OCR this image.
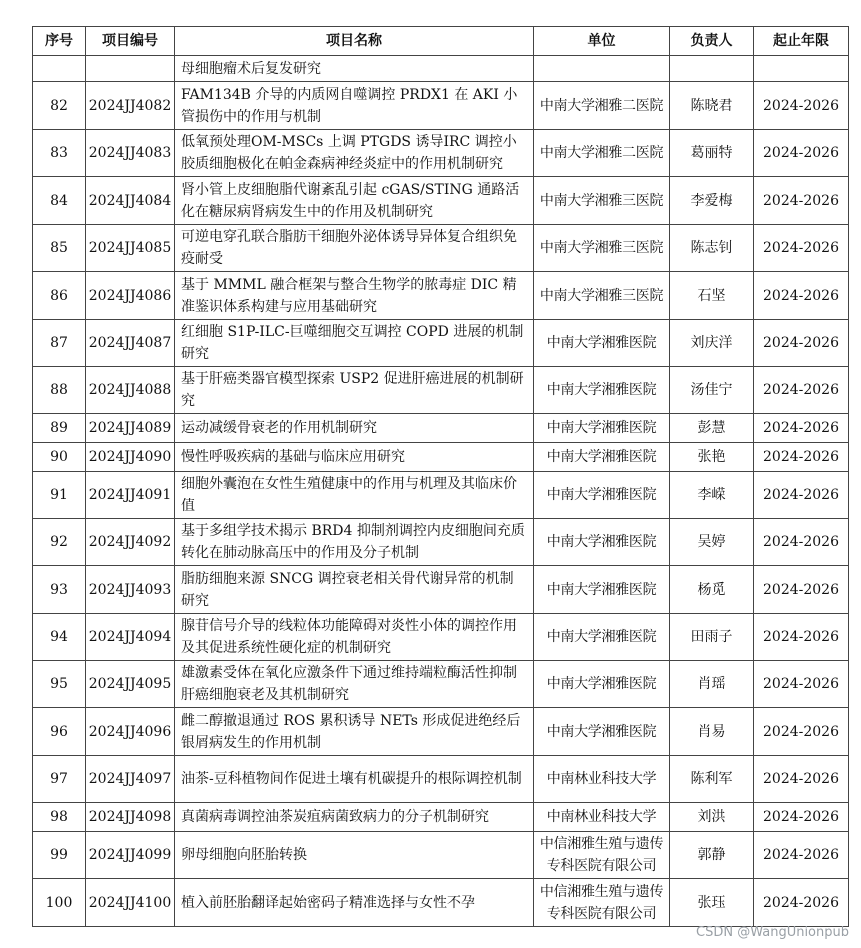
序号	项目编号	项目名称	单位	负责人	起止年限
		母细胞瘤术后复发研究			
82	2024JJ4082	FAM134B 介导的内质网自噬调控 PRDX1 在 AKI 小管损伤中的作用与机制	中南大学湘雅二医院	陈晓君	2024-2026
83	2024JJ4083	低氧预处理OM-MSCs 上调 PTGDS 诱导IRC 调控小胶质细胞极化在帕金森病神经炎症中的作用机制研究	中南大学湘雅二医院	葛丽特	2024-2026
84	2024JJ4084	肾小管上皮细胞脂代谢紊乱引起 cGAS/STING 通路活化在糖尿病肾病发生中的作用及机制研究	中南大学湘雅三医院	李爱梅	2024-2026
85	2024JJ4085	可逆电穿孔联合脂肪干细胞外泌体诱导异体复合组织免疫耐受	中南大学湘雅三医院	陈志钊	2024-2026
86	2024JJ4086	基于 MMML 融合框架与整合生物学的脓毒症 DIC 精准鉴识体系构建与应用基础研究	中南大学湘雅三医院	石坚	2024-2026
87	2024JJ4087	红细胞 S1P-ILC-巨噬细胞交互调控 COPD 进展的机制研究	中南大学湘雅医院	刘庆洋	2024-2026
88	2024JJ4088	基于肝癌类器官模型探索 USP2 促进肝癌进展的机制研究	中南大学湘雅医院	汤佳宁	2024-2026
89	2024JJ4089	运动减缓骨衰老的作用机制研究	中南大学湘雅医院	彭慧	2024-2026
90	2024JJ4090	慢性呼吸疾病的基础与临床应用研究	中南大学湘雅医院	张艳	2024-2026
91	2024JJ4091	细胞外囊泡在女性生殖健康中的作用与机理及其临床价值	中南大学湘雅医院	李嵘	2024-2026
92	2024JJ4092	基于多组学技术揭示 BRD4 抑制剂调控内皮细胞间充质转化在肺动脉高压中的作用及分子机制	中南大学湘雅医院	吴婷	2024-2026
93	2024JJ4093	脂肪细胞来源 SNCG 调控衰老相关骨代谢异常的机制研究	中南大学湘雅医院	杨觅	2024-2026
94	2024JJ4094	腺苷信号介导的线粒体功能障碍对炎性小体的调控作用及其促进系统性硬化症的机制研究	中南大学湘雅医院	田雨子	2024-2026
95	2024JJ4095	雄激素受体在氧化应激条件下通过维持端粒酶活性抑制肝癌细胞衰老及其机制研究	中南大学湘雅医院	肖瑶	2024-2026
96	2024JJ4096	雌二醇撤退通过 ROS 累积诱导 NETs 形成促进绝经后银屑病发生的作用机制	中南大学湘雅医院	肖易	2024-2026
97	2024JJ4097	油茶-豆科植物间作促进土壤有机碳提升的根际调控机制	中南林业科技大学	陈利军	2024-2026
98	2024JJ4098	真菌病毒调控油茶炭疽病菌致病力的分子机制研究	中南林业科技大学	刘洪	2024-2026
99	2024JJ4099	卵母细胞向胚胎转换	中信湘雅生殖与遗传专科医院有限公司	郭静	2024-2026
100	2024JJ4100	植入前胚胎翻译起始密码子精准选择与女性不孕	中信湘雅生殖与遗传专科医院有限公司	张珏	2024-2026
CSDN @WangUnionpub
